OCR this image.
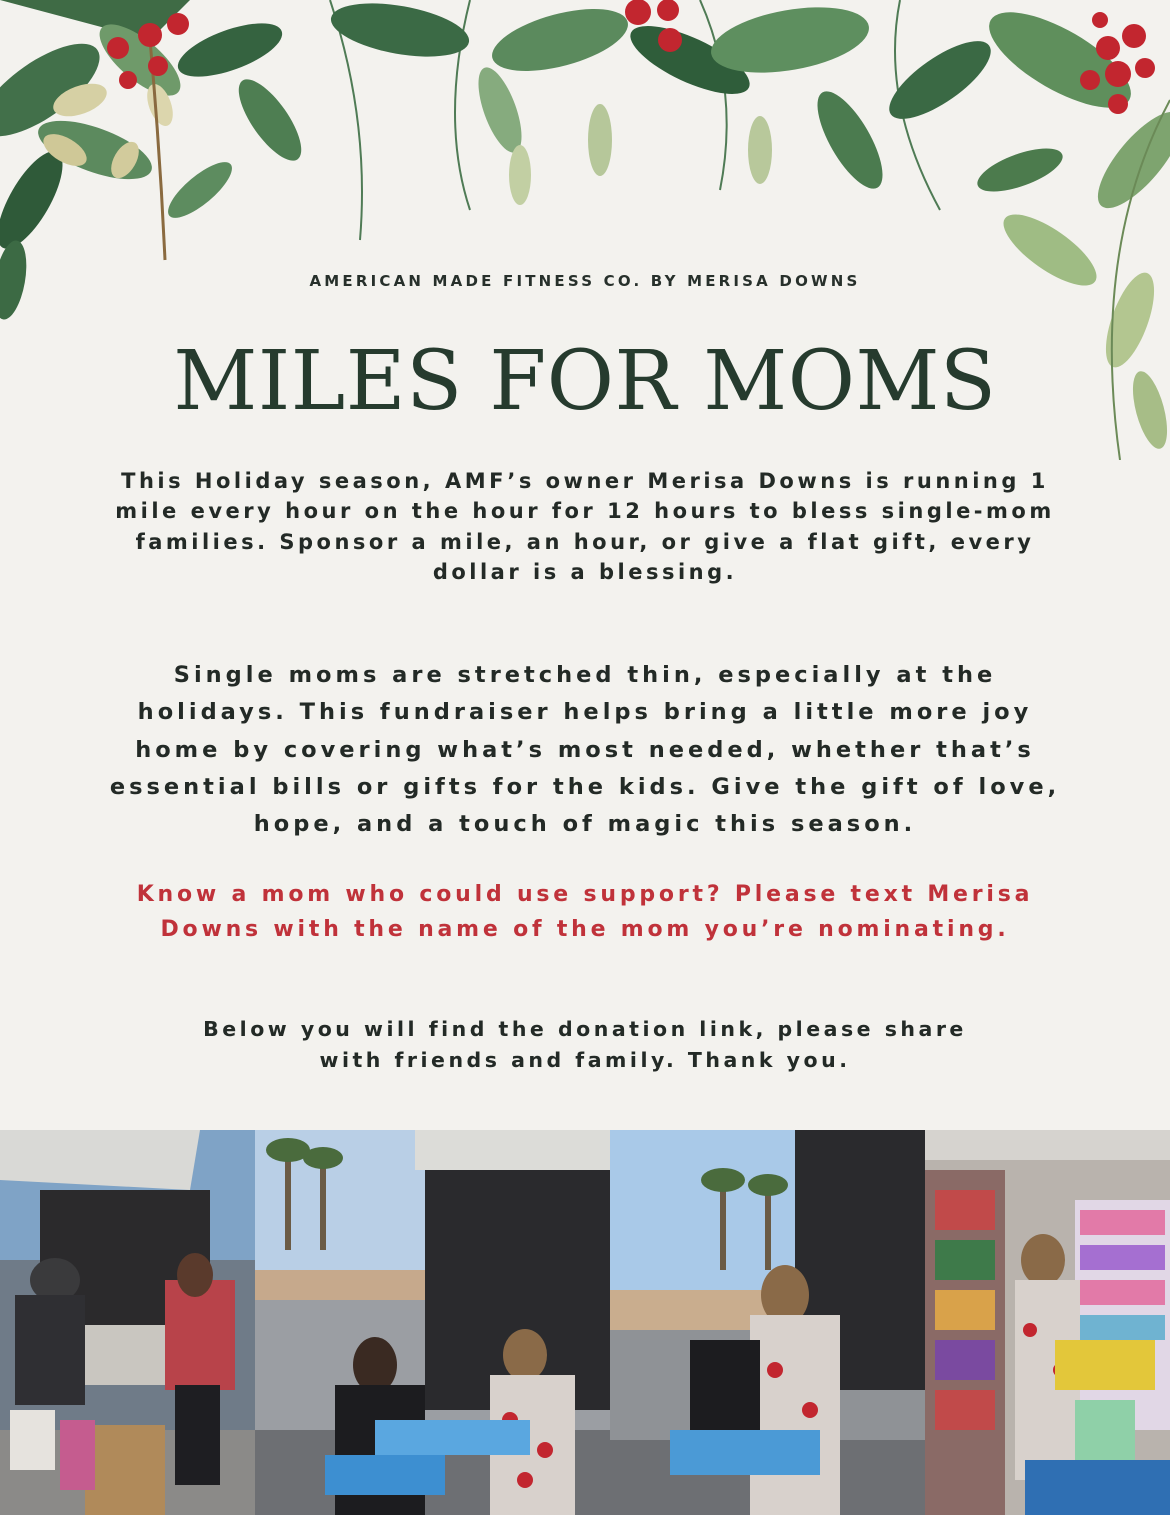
AMERICAN MADE FITNESS CO. BY MERISA DOWNS
MILES FOR MOMS
This Holiday season, AMF’s owner Merisa Downs is running 1 mile every hour on the hour for 12 hours to bless single-mom families. Sponsor a mile, an hour, or give a flat gift, every dollar is a blessing.
Single moms are stretched thin, especially at the holidays. This fundraiser helps bring a little more joy home by covering what’s most needed, whether that’s essential bills or gifts for the kids. Give the gift of love, hope, and a touch of magic this season.
Know a mom who could use support? Please text Merisa Downs with the name of the mom you’re nominating.
Below you will find the donation link, please share
with friends and family. Thank you.
